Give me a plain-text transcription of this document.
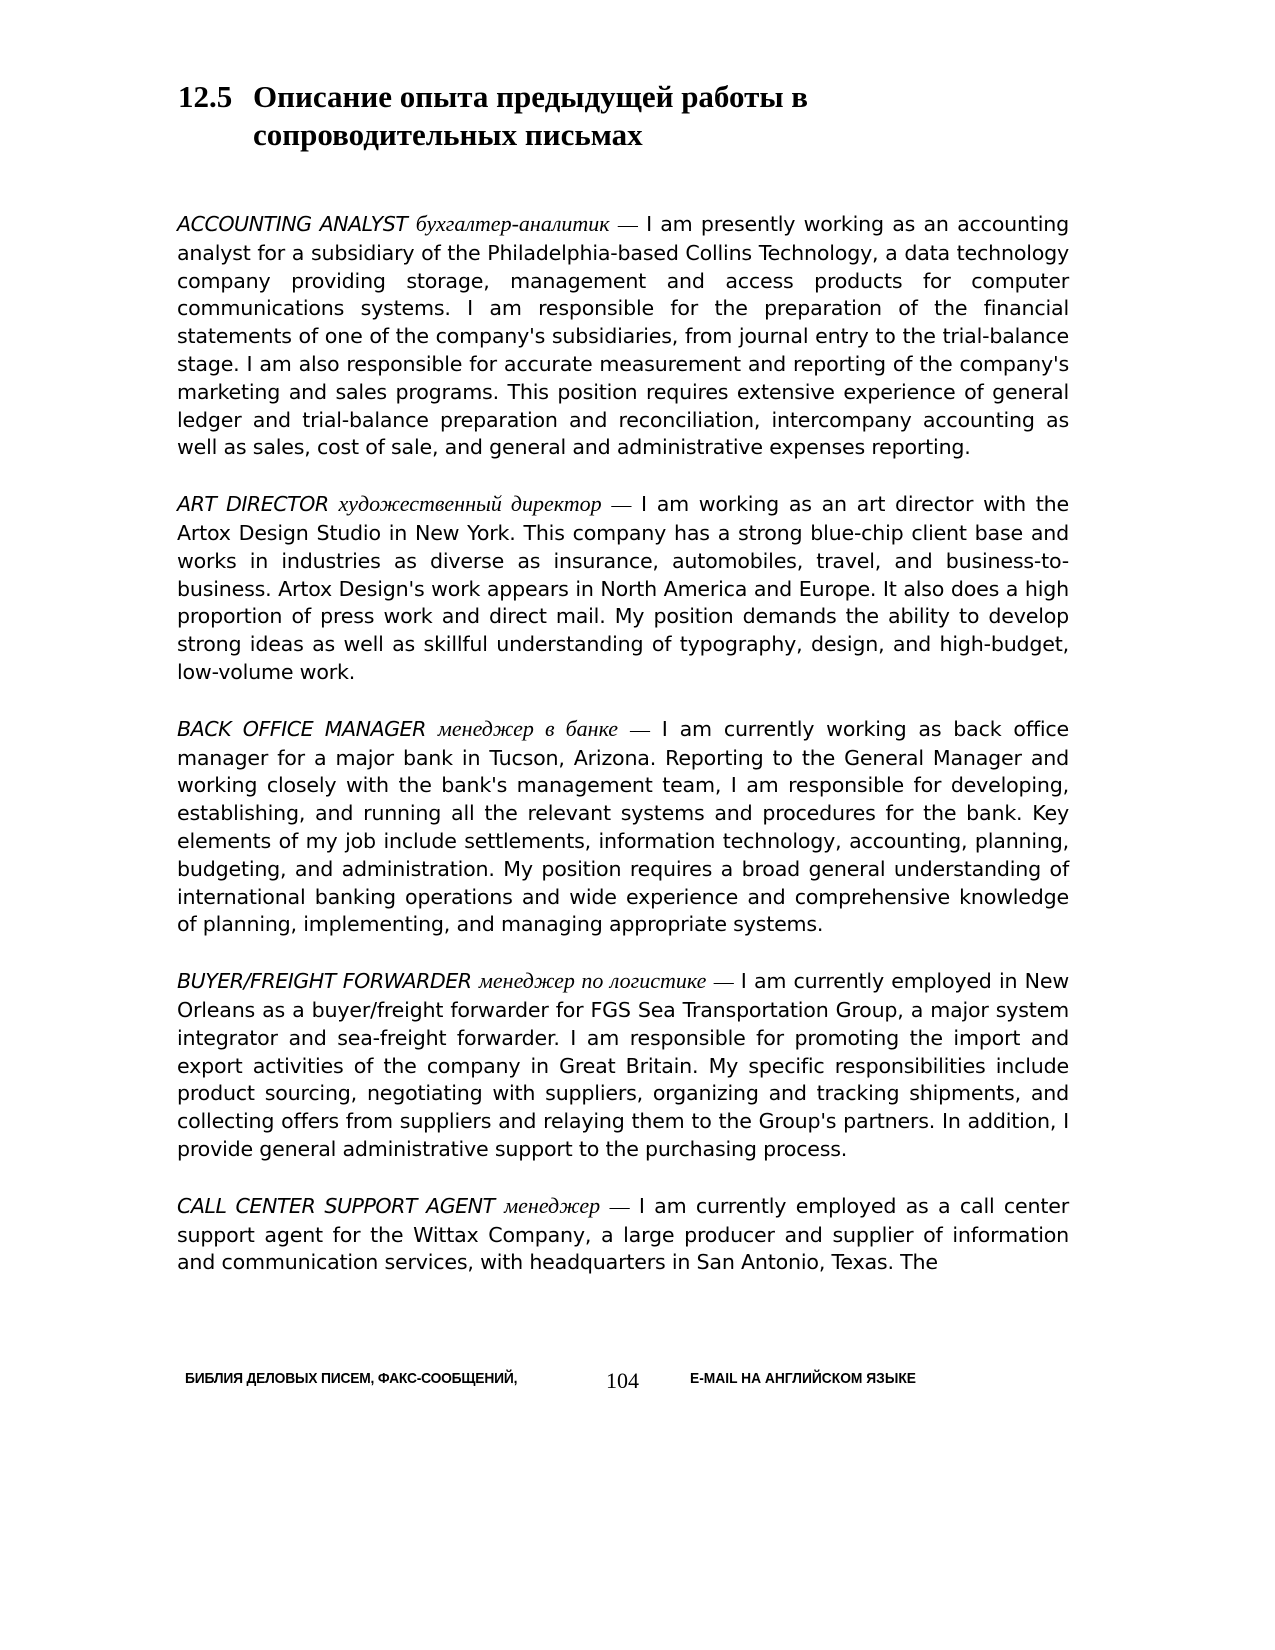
12.5 Описание опыта предыдущей работы в сопроводительных письмах

ACCOUNTING ANALYST бухгалтер-аналитик — I am presently working as an accounting analyst for a subsidiary of the Philadelphia-based Collins Technology, a data technology company providing storage, management and access products for computer communications systems. I am responsible for the preparation of the financial statements of one of the company's subsidiaries, from journal entry to the trial-balance stage. I am also responsible for accurate measurement and reporting of the company's marketing and sales programs. This position requires extensive experience of general ledger and trial-balance preparation and reconciliation, intercompany accounting as well as sales, cost of sale, and general and administrative expenses reporting.

ART DIRECTOR художественный директор — I am working as an art director with the Artox Design Studio in New York. This company has a strong blue-chip client base and works in industries as diverse as insurance, automobiles, travel, and business-to-business. Artox Design's work appears in North America and Europe. It also does a high proportion of press work and direct mail. My position demands the ability to develop strong ideas as well as skillful understanding of typography, design, and high-budget, low-volume work.

BACK OFFICE MANAGER менеджер в банке — I am currently working as back office manager for a major bank in Tucson, Arizona. Reporting to the General Manager and working closely with the bank's management team, I am responsible for developing, establishing, and running all the relevant systems and procedures for the bank. Key elements of my job include settlements, information technology, accounting, planning, budgeting, and administration. My position requires a broad general understanding of international banking operations and wide experience and comprehensive knowledge of planning, implementing, and managing appropriate systems.

BUYER/FREIGHT FORWARDER менеджер по логистике — I am currently employed in New Orleans as a buyer/freight forwarder for FGS Sea Transportation Group, a major system integrator and sea-freight forwarder. I am responsible for promoting the import and export activities of the company in Great Britain. My specific responsibilities include product sourcing, negotiating with suppliers, organizing and tracking shipments, and collecting offers from suppliers and relaying them to the Group's partners. In addition, I provide general administrative support to the purchasing process.

CALL CENTER SUPPORT AGENT менеджер — I am currently employed as a call center support agent for the Wittax Company, a large producer and supplier of information and communication services, with headquarters in San Antonio, Texas. The

БИБЛИЯ ДЕЛОВЫХ ПИСЕМ, ФАКС-СООБЩЕНИЙ,	104	E-MAIL НА АНГЛИЙСКОМ ЯЗЫКЕ
